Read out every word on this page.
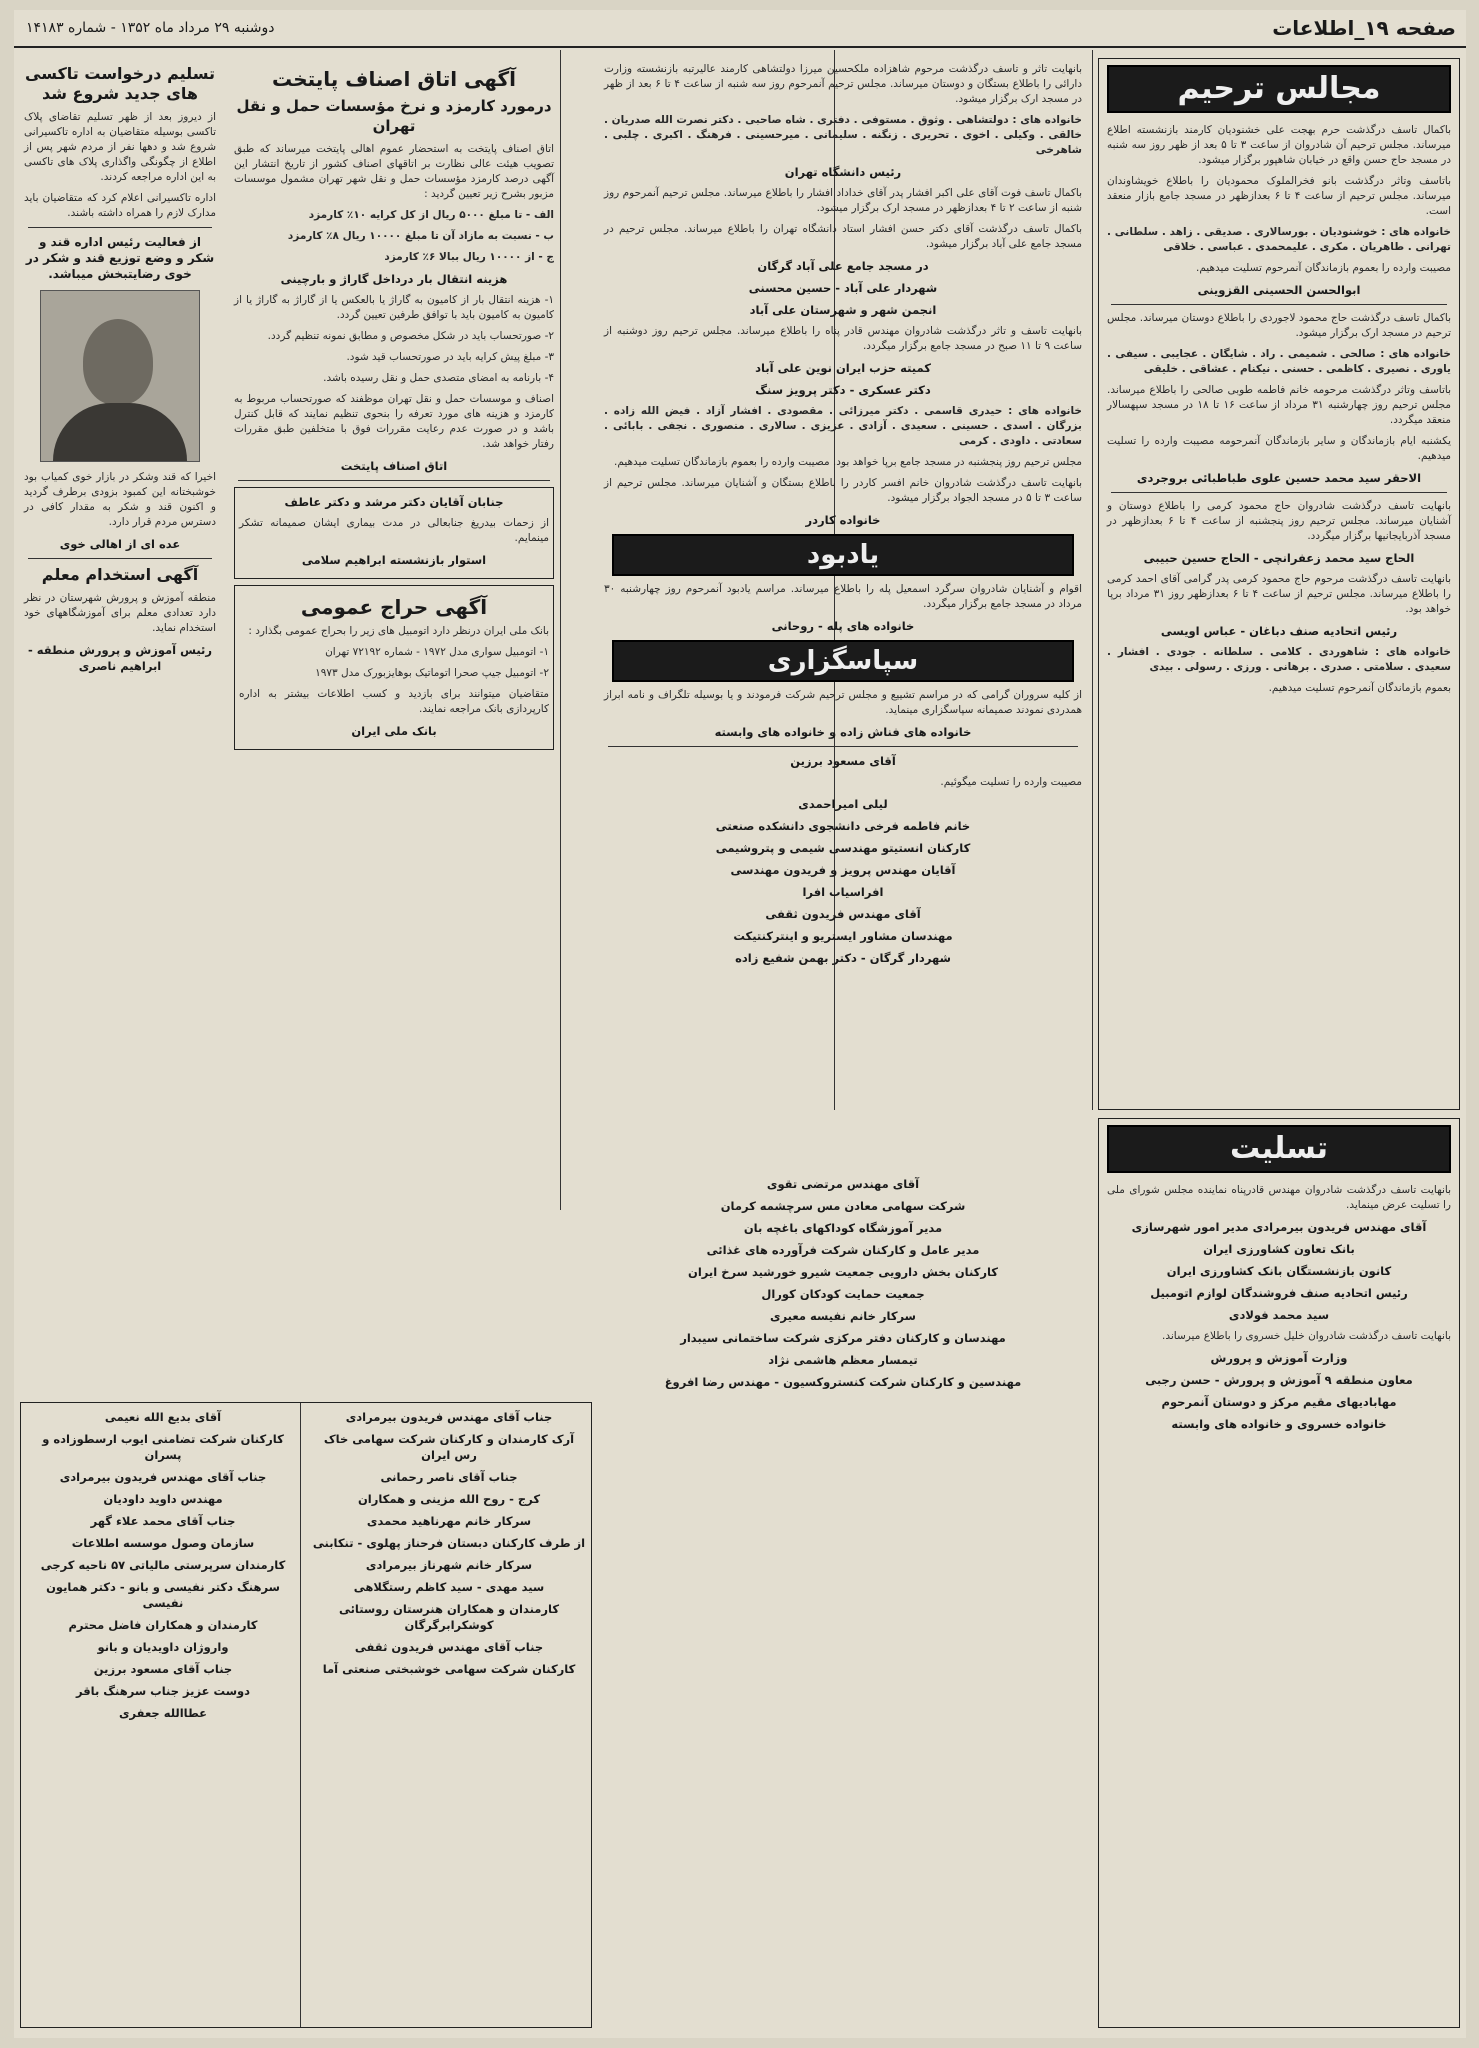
صفحه ۱۹_اطلاعات
دوشنبه ۲۹ مرداد ماه ۱۳۵۲ - شماره ۱۴۱۸۳
مجالس ترحیم

باکمال تاسف درگذشت حرم بهجت علی خشنودیان کارمند بازنشسته اطلاع میرساند. مجلس ترحیم آن شادروان از ساعت ۳ تا ۵ بعد از ظهر روز سه شنبه در مسجد حاج حسن واقع در خیابان شاهپور برگزار میشود.

باتاسف وتاثر درگذشت بانو فخرالملوک محمودیان را باطلاع خویشاوندان میرساند. مجلس ترحیم از ساعت ۴ تا ۶ بعدازظهر در مسجد جامع بازار منعقد است.

خانواده های : خوشنودیان . بورسالاری . صدیقی . زاهد . سلطانی . تهرانی . طاهریان . مکری . علیمحمدی . عباسی . خلاقی

مصیبت وارده را بعموم بازماندگان آنمرحوم تسلیت میدهیم.

ابوالحسن الحسینی القزوینی

باکمال تاسف درگذشت حاج محمود لاجوردی را باطلاع دوستان میرساند. مجلس ترحیم در مسجد ارک برگزار میشود.

خانواده های : صالحی . شمیمی . راد . شایگان . عجایبی . سیفی . یاوری . نصیری . کاظمی . حسنی . نیکنام . عشاقی . خلیقی

باتاسف وتاثر درگذشت مرحومه خانم فاطمه طوبی صالحی را باطلاع میرساند. مجلس ترحیم روز چهارشنبه ۳۱ مرداد از ساعت ۱۶ تا ۱۸ در مسجد سپهسالار منعقد میگردد.

یکشنبه ایام بازماندگان و سایر بازماندگان آنمرحومه مصیبت وارده را تسلیت میدهیم.

الاحقر سید محمد حسین علوی طباطبائی بروجردی

بانهایت تاسف درگذشت شادروان حاج محمود کرمی را باطلاع دوستان و آشنایان میرساند. مجلس ترحیم روز پنجشنبه از ساعت ۴ تا ۶ بعدازظهر در مسجد آذربایجانیها برگزار میگردد.

الحاج سید محمد زعفرانچی - الحاج حسین حبیبی

بانهایت تاسف درگذشت مرحوم حاج محمود کرمی پدر گرامی آقای احمد کرمی را باطلاع میرساند. مجلس ترحیم از ساعت ۴ تا ۶ بعدازظهر روز ۳۱ مرداد برپا خواهد بود.

رئیس اتحادیه صنف دباغان - عباس اویسی

خانواده های : شاهوردی . کلامی . سلطانه . جودی . افشار . سعیدی . سلامتی . صدری . برهانی . ورزی . رسولی . بیدی

بعموم بازماندگان آنمرحوم تسلیت میدهیم.

بانهایت تاثر و تاسف درگذشت مرحوم شاهزاده ملکحسین میرزا دولتشاهی کارمند عالیرتبه بازنشسته وزارت دارائی را باطلاع بستگان و دوستان میرساند. مجلس ترحیم آنمرحوم روز سه شنبه از ساعت ۴ تا ۶ بعد از ظهر در مسجد ارک برگزار میشود.

خانواده های : دولتشاهی . وثوق . مستوفی . دفتری . شاه صاحبی . دکتر نصرت الله صدریان . خالقی . وکیلی . اخوی . تحریری . زنگنه . سلیمانی . میرحسینی . فرهنگ . اکبری . چلبی . شاهرخی

رئیس دانشگاه تهران

باکمال تاسف فوت آقای علی اکبر افشار پدر آقای خداداد افشار را باطلاع میرساند. مجلس ترحیم آنمرحوم روز شنبه از ساعت ۲ تا ۴ بعدازظهر در مسجد ارک برگزار میشود.

باکمال تاسف درگذشت آقای دکتر حسن افشار استاد دانشگاه تهران را باطلاع میرساند. مجلس ترحیم در مسجد جامع علی آباد برگزار میشود.

در مسجد جامع علی آباد گرگان
شهردار علی آباد - حسین محسنی
انجمن شهر و شهرستان علی آباد

بانهایت تاسف و تاثر درگذشت شادروان مهندس قادر پناه را باطلاع میرساند. مجلس ترحیم روز دوشنبه از ساعت ۹ تا ۱۱ صبح در مسجد جامع برگزار میگردد.

کمیته حزب ایران نوین علی آباد
دکتر عسکری - دکتر پرویز سنگ

خانواده های : حیدری قاسمی . دکتر میرزائی . مقصودی . افشار آزاد . فیض الله زاده . بزرگان . اسدی . حسینی . سعیدی . آزادی . عزیزی . سالاری . منصوری . نجفی . بابائی . سعادتی . داودی . کرمی

مجلس ترحیم روز پنجشنبه در مسجد جامع برپا خواهد بود. مصیبت وارده را بعموم بازماندگان تسلیت میدهیم.

بانهایت تاسف درگذشت شادروان خانم افسر کاردر را باطلاع بستگان و آشنایان میرساند. مجلس ترحیم از ساعت ۳ تا ۵ در مسجد الجواد برگزار میشود.

خانواده کاردر
یادبود

اقوام و آشنایان شادروان سرگرد اسمعیل پله را باطلاع میرساند. مراسم یادبود آنمرحوم روز چهارشنبه ۳۰ مرداد در مسجد جامع برگزار میگردد.

خانواده های پله - روحانی
سپاسگزاری

از کلیه سروران گرامی که در مراسم تشییع و مجلس ترحیم شرکت فرمودند و یا بوسیله تلگراف و نامه ابراز همدردی نمودند صمیمانه سپاسگزاری مینماید.

خانواده های فناش زاده و خانواده های وابسته
آقای مسعود برزین

مصیبت وارده را تسلیت میگوئیم.

لیلی امیراحمدی
خانم فاطمه فرخی دانشجوی دانشکده صنعتی
کارکنان انستیتو مهندسی شیمی و پتروشیمی
آقایان مهندس پرویز و فریدون مهندسی
افراسیاب افرا
آقای مهندس فریدون ثقفی
مهندسان مشاور ایستریو و اینترکنتیکت
شهردار گرگان - دکتر بهمن شفیع زاده
آگهی اتاق اصناف پایتخت
درمورد کارمزد و نرخ مؤسسات حمل و نقل تهران

اتاق اصناف پایتخت به استحضار عموم اهالی پایتخت میرساند که طبق تصویب هیئت عالی نظارت بر اتاقهای اصناف کشور از تاریخ انتشار این آگهی درصد کارمزد مؤسسات حمل و نقل شهر تهران مشمول موسسات مزبور بشرح زیر تعیین گردید :

الف - تا مبلغ ۵۰۰۰ ریال از کل کرایه ۱۰٪ کارمزد

ب - نسبت به مازاد آن تا مبلغ ۱۰۰۰۰ ریال ۸٪ کارمزد

ج - از ۱۰۰۰۰ ریال ببالا ۶٪ کارمزد

هزینه انتقال بار درداخل گاراژ و بارچینی

۱- هزینه انتقال بار از کامیون به گاراژ یا بالعکس یا از گاراژ به گاراژ یا از کامیون به کامیون باید با توافق طرفین تعیین گردد.

۲- صورتحساب باید در شکل مخصوص و مطابق نمونه تنظیم گردد.

۳- مبلغ پیش کرایه باید در صورتحساب قید شود.

۴- بارنامه به امضای متصدی حمل و نقل رسیده باشد.

اصناف و موسسات حمل و نقل تهران موظفند که صورتحساب مربوط به کارمزد و هزینه های مورد تعرفه را بنحوی تنظیم نمایند که قابل کنترل باشد و در صورت عدم رعایت مقررات فوق با متخلفین طبق مقررات رفتار خواهد شد.

اتاق اصناف پایتخت
جنابان آقایان دکتر مرشد و دکتر عاطف

از زحمات بیدریغ جنابعالی در مدت بیماری ایشان صمیمانه تشکر مینمایم.

استوار بازنشسته ابراهیم سلامی
آگهی حراج عمومی

بانک ملی ایران درنظر دارد اتومبیل های زیر را بحراج عمومی بگذارد :

۱- اتومبیل سواری مدل ۱۹۷۲ - شماره ۷۲۱۹۲ تهران

۲- اتومبیل جیپ صحرا اتوماتیک بوهایزبورک مدل ۱۹۷۳

متقاضیان میتوانند برای بازدید و کسب اطلاعات بیشتر به اداره کارپردازی بانک مراجعه نمایند.

بانک ملی ایران
تسلیم درخواست تاکسی های جدید شروع شد

از دیروز بعد از ظهر تسلیم تقاضای پلاک تاکسی بوسیله متقاضیان به اداره تاکسیرانی شروع شد و دهها نفر از مردم شهر پس از اطلاع از چگونگی واگذاری پلاک های تاکسی به این اداره مراجعه کردند.

اداره تاکسیرانی اعلام کرد که متقاضیان باید مدارک لازم را همراه داشته باشند.

از فعالیت رئیس اداره قند و شکر و وضع توزیع قند و شکر در خوی رضایتبخش میباشد.

اخیرا که قند وشکر در بازار خوی کمیاب بود خوشبختانه این کمبود بزودی برطرف گردید و اکنون قند و شکر به مقدار کافی در دسترس مردم قرار دارد.

عده ای از اهالی خوی
آگهی استخدام معلم

منطقه آموزش و پرورش شهرستان در نظر دارد تعدادی معلم برای آموزشگاههای خود استخدام نماید.

رئیس آموزش و پرورش منطقه - ابراهیم ناصری
تسلیت

بانهایت تاسف درگذشت شادروان مهندس قادرپناه نماینده مجلس شورای ملی را تسلیت عرض مینماید.

آقای مهندس فریدون بیرمرادی مدیر امور شهرسازی
بانک تعاون کشاورزی ایران
کانون بازنشستگان بانک کشاورزی ایران
رئیس اتحادیه صنف فروشندگان لوازم اتومبیل
سید محمد فولادی

بانهایت تاسف درگذشت شادروان خلیل خسروی را باطلاع میرساند.

وزارت آموزش و پرورش
معاون منطقه ۹ آموزش و پرورش - حسن رجبی
مهابادیهای مقیم مرکز و دوستان آنمرحوم
خانواده خسروی و خانواده های وابسته
آقای مهندس مرتضی تقوی
شرکت سهامی معادن مس سرچشمه کرمان
مدیر آموزشگاه کوداکهای باغچه بان
مدیر عامل و کارکنان شرکت فرآورده های غذائی
کارکنان بخش دارویی جمعیت شیرو خورشید سرخ ایران
جمعیت حمایت کودکان کورال
سرکار خانم نفیسه معیری
مهندسان و کارکنان دفتر مرکزی شرکت ساختمانی سیبدار
تیمسار معظم هاشمی نژاد
مهندسین و کارکنان شرکت کنستروکسیون - مهندس رضا افروغ
آقای بدیع الله نعیمی
کارکنان شرکت تضامنی ایوب ارسطوزاده و پسران
جناب آقای مهندس فریدون بیرمرادی
مهندس داوید داودیان
جناب آقای محمد علاء گهر
سازمان وصول موسسه اطلاعات
کارمندان سرپرستی مالیاتی ۵۷ ناحیه کرجی
سرهنگ دکتر نفیسی و بانو - دکتر همایون نفیسی
کارمندان و همکاران فاضل محترم
واروژان داویدیان و بانو
جناب آقای مسعود برزین
دوست عزیز جناب سرهنگ باقر
عطاالله جعفری
جناب آقای مهندس فریدون بیرمرادی
آرک کارمندان و کارکنان شرکت سهامی خاک رس ایران
جناب آقای ناصر رحمانی
کرج - روح الله مزینی و همکاران
سرکار خانم مهرناهید محمدی
از طرف کارکنان دبستان فرحناز پهلوی - تنکابنی
سرکار خانم شهرناز بیرمرادی
سید مهدی - سید کاظم رستگلاهی
کارمندان و همکاران هنرستان روستائی کوشکرابرگرگان
جناب آقای مهندس فریدون ثقفی
کارکنان شرکت سهامی خوشبختی صنعتی آما
